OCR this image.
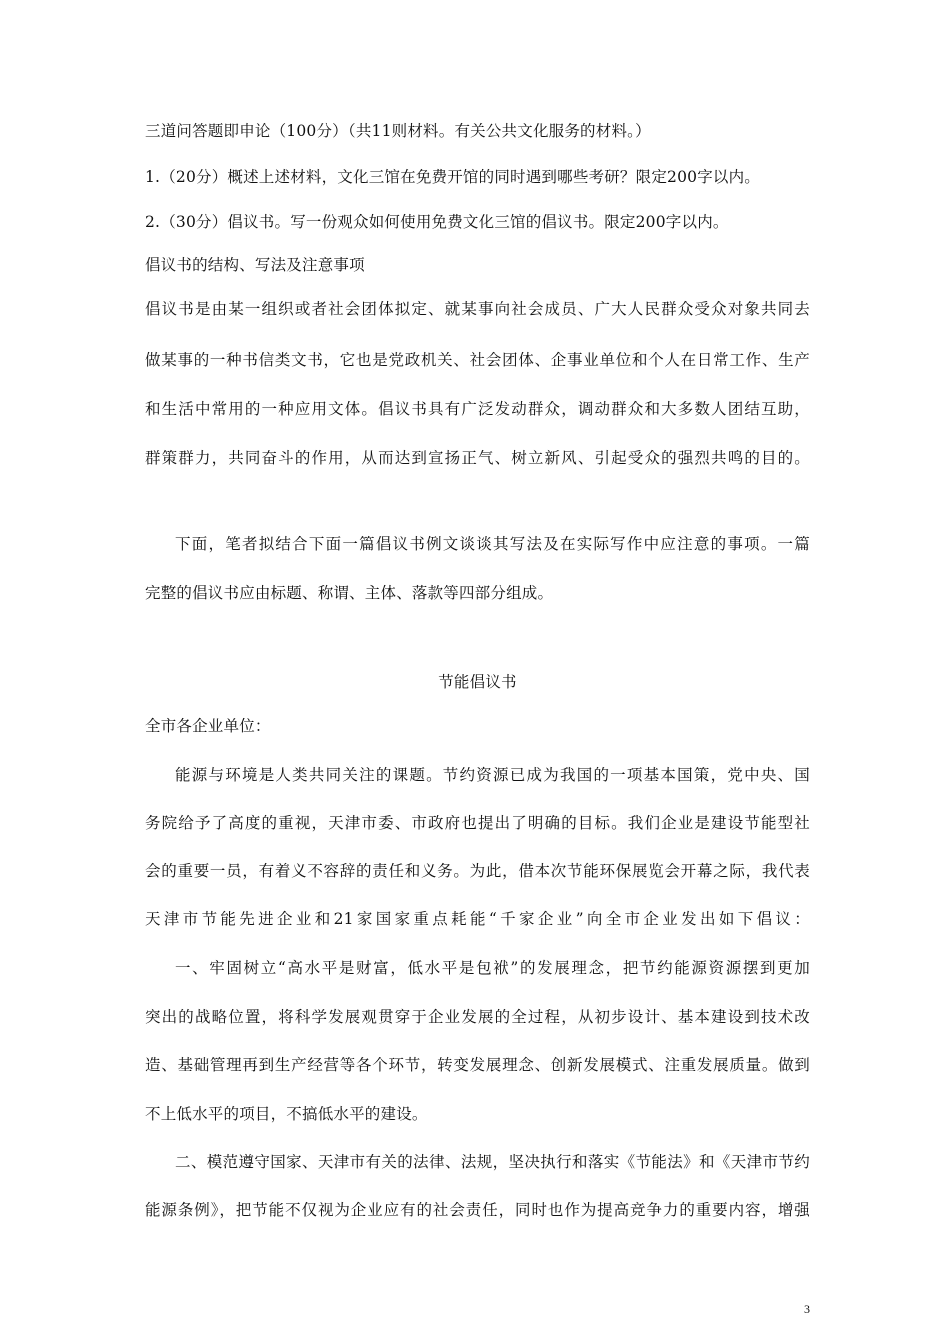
三道问答题即申论（100分）（共11则材料。有关公共文化服务的材料。）
1.（20分）概述上述材料，文化三馆在免费开馆的同时遇到哪些考研？限定200字以内。
2.（30分）倡议书。写一份观众如何使用免费文化三馆的倡议书。限定200字以内。
倡议书的结构、写法及注意事项
倡议书是由某一组织或者社会团体拟定、就某事向社会成员、广大人民群众受众对象共同去
做某事的一种书信类文书，它也是党政机关、社会团体、企事业单位和个人在日常工作、生产
和生活中常用的一种应用文体。倡议书具有广泛发动群众，调动群众和大多数人团结互助，
群策群力，共同奋斗的作用，从而达到宣扬正气、树立新风、引起受众的强烈共鸣的目的。
下面，笔者拟结合下面一篇倡议书例文谈谈其写法及在实际写作中应注意的事项。一篇
完整的倡议书应由标题、称谓、主体、落款等四部分组成。
节能倡议书
全市各企业单位：
能源与环境是人类共同关注的课题。节约资源已成为我国的一项基本国策，党中央、国
务院给予了高度的重视，天津市委、市政府也提出了明确的目标。我们企业是建设节能型社
会的重要一员，有着义不容辞的责任和义务。为此，借本次节能环保展览会开幕之际，我代表
天津市节能先进企业和21家国家重点耗能“千家企业”向全市企业发出如下倡议：
一、牢固树立“高水平是财富，低水平是包袱”的发展理念，把节约能源资源摆到更加
突出的战略位置，将科学发展观贯穿于企业发展的全过程，从初步设计、基本建设到技术改
造、基础管理再到生产经营等各个环节，转变发展理念、创新发展模式、注重发展质量。做到
不上低水平的项目，不搞低水平的建设。
二、模范遵守国家、天津市有关的法律、法规，坚决执行和落实《节能法》和《天津市节约
能源条例》，把节能不仅视为企业应有的社会责任，同时也作为提高竞争力的重要内容，增强
3
